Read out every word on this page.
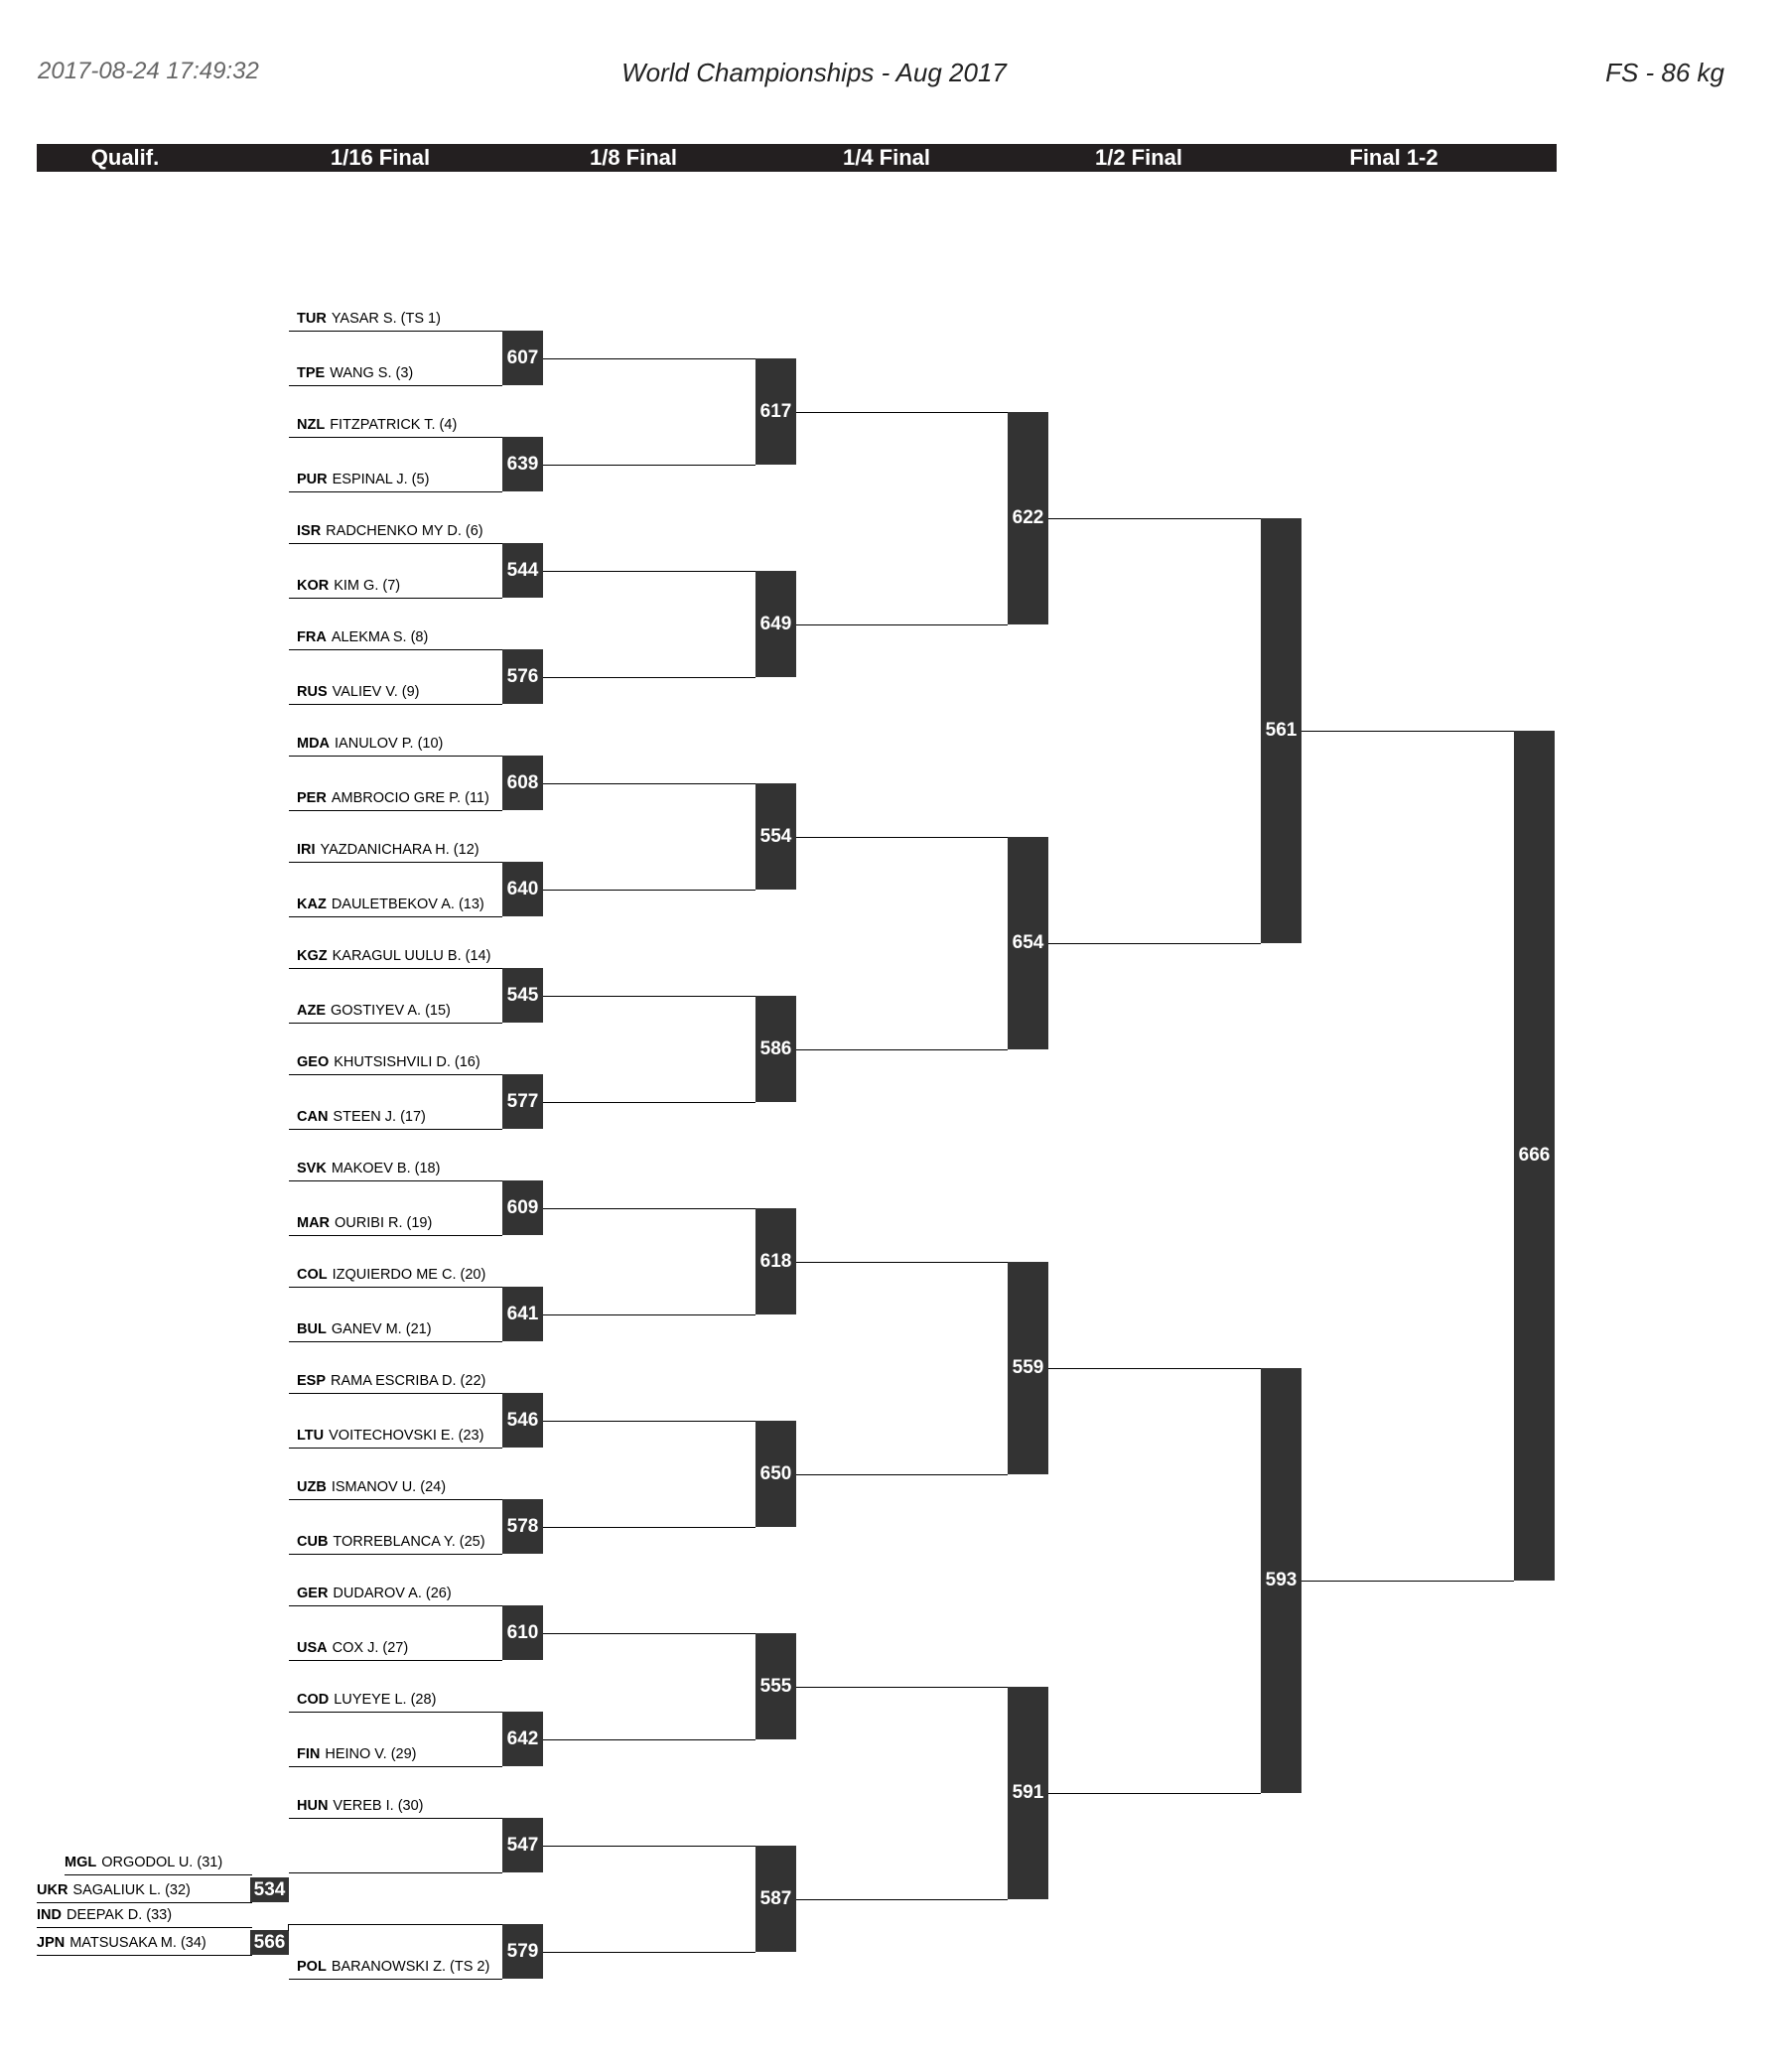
2017-08-24 17:49:32	World Championships - Aug 2017	FS - 86 kg
Qualif.	1/16 Final	1/8 Final	1/4 Final	1/2 Final	Final 1-2
TUR YASAR S. (TS 1)
TPE WANG S. (3)
607
NZL FITZPATRICK T. (4)
PUR ESPINAL J. (5)
639
ISR RADCHENKO MY D. (6)
KOR KIM G. (7)
544
FRA ALEKMA S. (8)
RUS VALIEV V. (9)
576
MDA IANULOV P. (10)
PER AMBROCIO GRE P. (11)
608
IRI YAZDANICHARA H. (12)
KAZ DAULETBEKOV A. (13)
640
KGZ KARAGUL UULU B. (14)
AZE GOSTIYEV A. (15)
545
GEO KHUTSISHVILI D. (16)
CAN STEEN J. (17)
577
SVK MAKOEV B. (18)
MAR OURIBI R. (19)
609
COL IZQUIERDO ME C. (20)
BUL GANEV M. (21)
641
ESP RAMA ESCRIBA D. (22)
LTU VOITECHOVSKI E. (23)
546
UZB ISMANOV U. (24)
CUB TORREBLANCA Y. (25)
578
GER DUDAROV A. (26)
USA COX J. (27)
610
COD LUYEYE L. (28)
FIN HEINO V. (29)
642
HUN VEREB I. (30)
547
POL BARANOWSKI Z. (TS 2)
579
617
649
554
586
618
650
555
587
622
654
559
591
561
593
666
MGL ORGODOL U. (31)
UKR SAGALIUK L. (32)
IND DEEPAK D. (33)
JPN MATSUSAKA M. (34)
534
566
